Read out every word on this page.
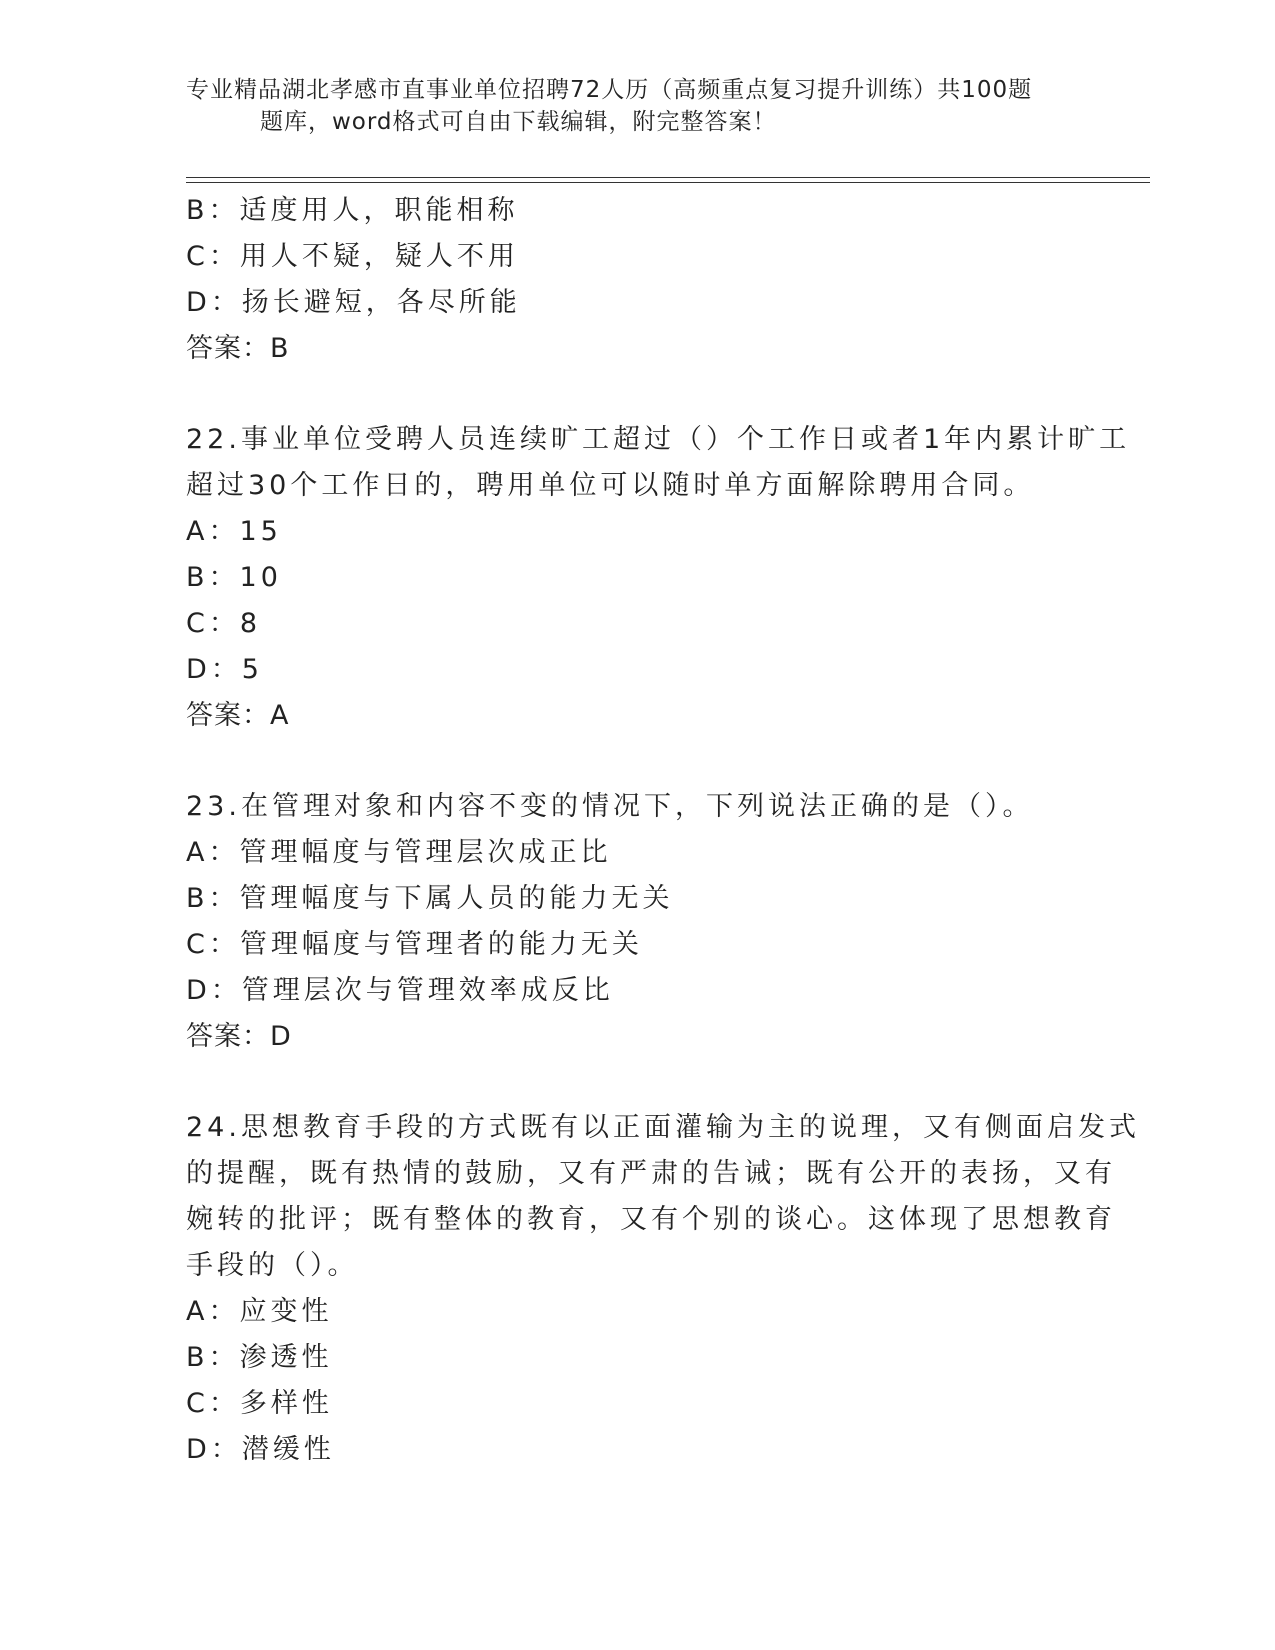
专业精品湖北孝感市直事业单位招聘72人历（高频重点复习提升训练）共100题
题库，word格式可自由下载编辑，附完整答案！
B：适度用人，职能相称
C：用人不疑，疑人不用
D：扬长避短，各尽所能
答案：B
22.事业单位受聘人员连续旷工超过（）个工作日或者1年内累计旷工
超过30个工作日的，聘用单位可以随时单方面解除聘用合同。
A：15
B：10
C：8
D：5
答案：A
23.在管理对象和内容不变的情况下，下列说法正确的是（）。
A：管理幅度与管理层次成正比
B：管理幅度与下属人员的能力无关
C：管理幅度与管理者的能力无关
D：管理层次与管理效率成反比
答案：D
24.思想教育手段的方式既有以正面灌输为主的说理，又有侧面启发式
的提醒，既有热情的鼓励，又有严肃的告诫；既有公开的表扬，又有
婉转的批评；既有整体的教育，又有个别的谈心。这体现了思想教育
手段的（）。
A：应变性
B：渗透性
C：多样性
D：潜缓性
